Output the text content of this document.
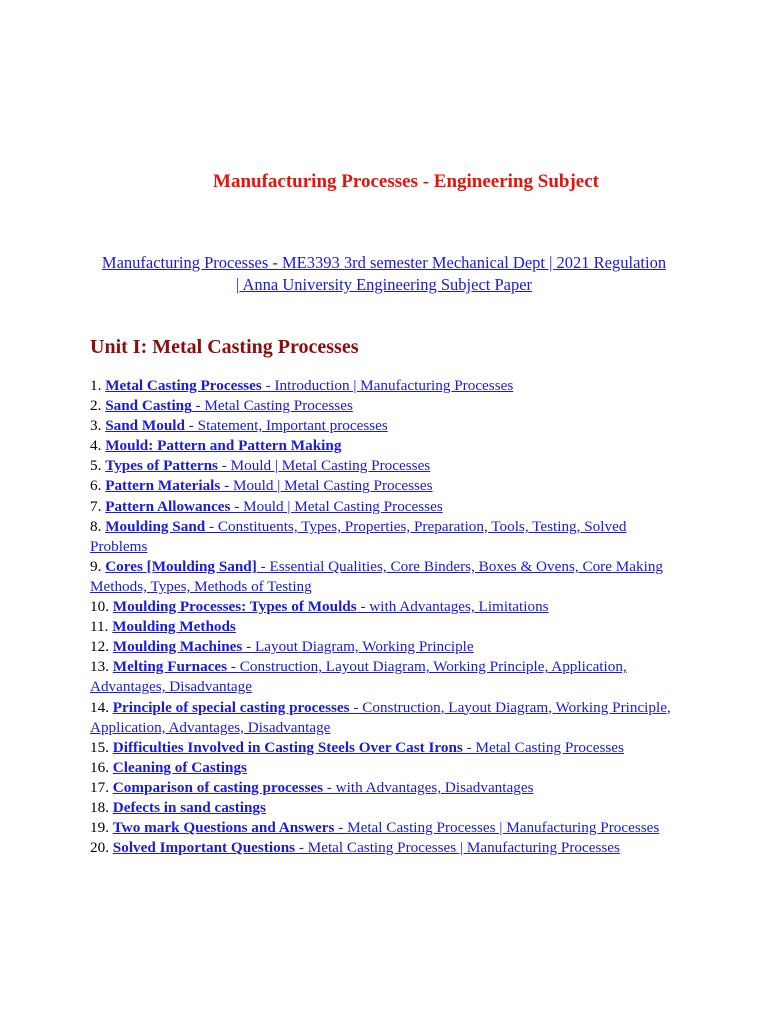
Manufacturing Processes - Engineering Subject
Manufacturing Processes - ME3393 3rd semester Mechanical Dept | 2021 Regulation | Anna University Engineering Subject Paper
Unit I: Metal Casting Processes
1. Metal Casting Processes - Introduction | Manufacturing Processes
2. Sand Casting - Metal Casting Processes
3. Sand Mould - Statement, Important processes
4. Mould: Pattern and Pattern Making
5. Types of Patterns - Mould | Metal Casting Processes
6. Pattern Materials - Mould | Metal Casting Processes
7. Pattern Allowances - Mould | Metal Casting Processes
8. Moulding Sand - Constituents, Types, Properties, Preparation, Tools, Testing, Solved Problems
9. Cores [Moulding Sand] - Essential Qualities, Core Binders, Boxes & Ovens, Core Making Methods, Types, Methods of Testing
10. Moulding Processes: Types of Moulds - with Advantages, Limitations
11. Moulding Methods
12. Moulding Machines - Layout Diagram, Working Principle
13. Melting Furnaces - Construction, Layout Diagram, Working Principle, Application, Advantages, Disadvantage
14. Principle of special casting processes - Construction, Layout Diagram, Working Principle, Application, Advantages, Disadvantage
15. Difficulties Involved in Casting Steels Over Cast Irons - Metal Casting Processes
16. Cleaning of Castings
17. Comparison of casting processes - with Advantages, Disadvantages
18. Defects in sand castings
19. Two mark Questions and Answers - Metal Casting Processes | Manufacturing Processes
20. Solved Important Questions - Metal Casting Processes | Manufacturing Processes
